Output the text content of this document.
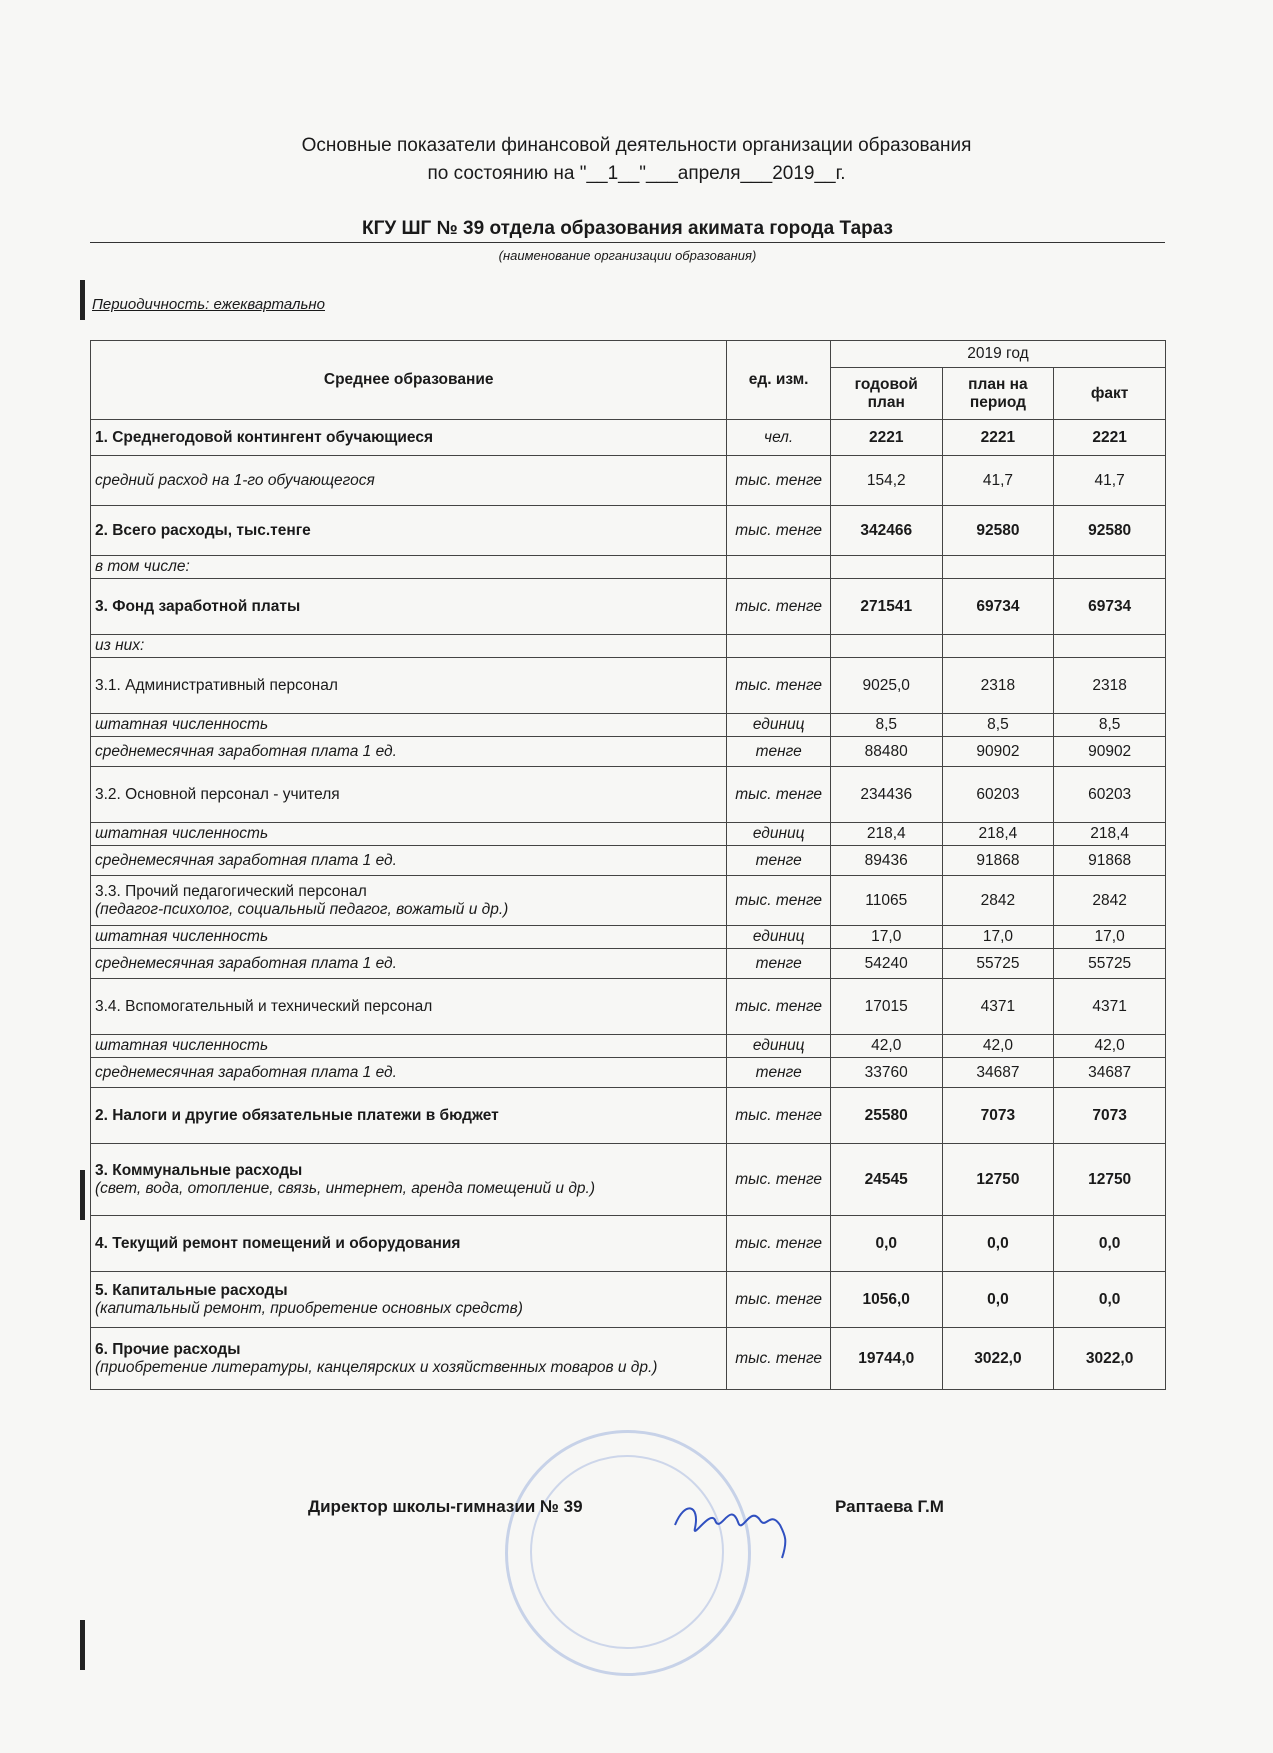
Основные показатели финансовой деятельности организации образования
по состоянию на "__1__"___апреля___2019__г.
КГУ ШГ № 39 отдела образования акимата города Тараз
(наименование организации образования)
Периодичность: ежеквартально
Среднее образование	ед. изм.	2019 год		
		годовой план	план на период	факт
1. Среднегодовой контингент обучающиеся	чел.	2221	2221	2221
средний расход на 1-го обучающегося	тыс. тенге	154,2	41,7	41,7
2. Всего расходы, тыс.тенге	тыс. тенге	342466	92580	92580
в том числе:				
3. Фонд заработной платы	тыс. тенге	271541	69734	69734
из них:				
3.1. Административный персонал	тыс. тенге	9025,0	2318	2318
штатная численность	единиц	8,5	8,5	8,5
среднемесячная заработная плата 1 ед.	тенге	88480	90902	90902
3.2. Основной персонал - учителя	тыс. тенге	234436	60203	60203
штатная численность	единиц	218,4	218,4	218,4
среднемесячная заработная плата 1 ед.	тенге	89436	91868	91868
3.3. Прочий педагогический персонал
(педагог-психолог, социальный педагог, вожатый и др.)	тыс. тенге	11065	2842	2842
штатная численность	единиц	17,0	17,0	17,0
среднемесячная заработная плата 1 ед.	тенге	54240	55725	55725
3.4. Вспомогательный и технический персонал	тыс. тенге	17015	4371	4371
штатная численность	единиц	42,0	42,0	42,0
среднемесячная заработная плата 1 ед.	тенге	33760	34687	34687
2. Налоги и другие обязательные платежи в бюджет	тыс. тенге	25580	7073	7073
3. Коммунальные расходы
(свет, вода, отопление, связь, интернет, аренда помещений и др.)	тыс. тенге	24545	12750	12750
4. Текущий ремонт помещений и оборудования	тыс. тенге	0,0	0,0	0,0
5. Капитальные расходы
(капитальный ремонт, приобретение основных средств)	тыс. тенге	1056,0	0,0	0,0
6. Прочие расходы
(приобретение литературы, канцелярских и хозяйственных товаров и др.)	тыс. тенге	19744,0	3022,0	3022,0
Директор школы-гимназии № 39	Раптаева Г.М
